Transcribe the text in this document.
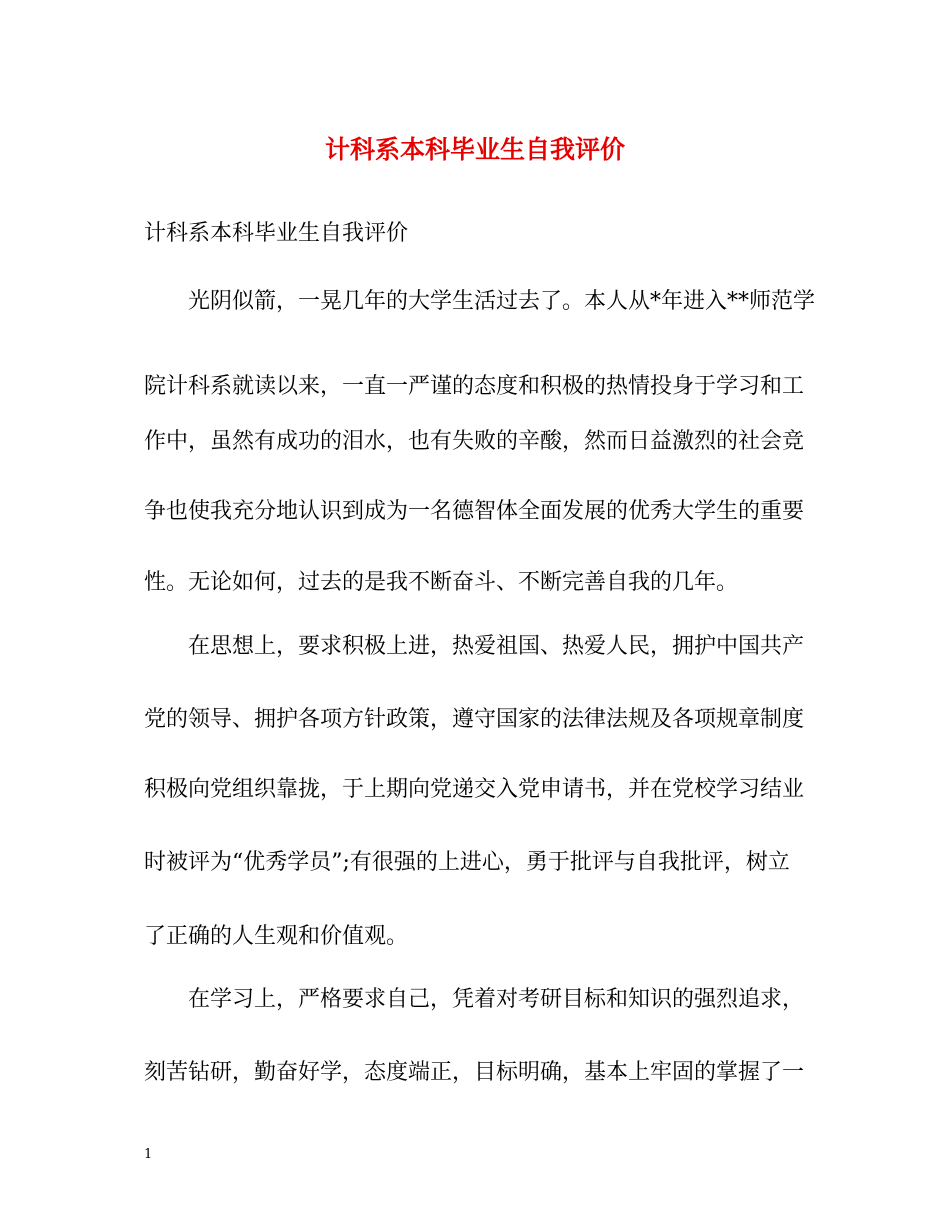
计科系本科毕业生自我评价

计科系本科毕业生自我评价

光阴似箭，一晃几年的大学生活过去了。本人从*年进入**师范学

院计科系就读以来，一直一严谨的态度和积极的热情投身于学习和工

作中，虽然有成功的泪水，也有失败的辛酸，然而日益激烈的社会竞

争也使我充分地认识到成为一名德智体全面发展的优秀大学生的重要

性。无论如何，过去的是我不断奋斗、不断完善自我的几年。

在思想上，要求积极上进，热爱祖国、热爱人民，拥护中国共产

党的领导、拥护各项方针政策，遵守国家的法律法规及各项规章制度

积极向党组织靠拢，于上期向党递交入党申请书，并在党校学习结业

时被评为“优秀学员”;有很强的上进心，勇于批评与自我批评，树立

了正确的人生观和价值观。

在学习上，严格要求自己，凭着对考研目标和知识的强烈追求，

刻苦钻研，勤奋好学，态度端正，目标明确，基本上牢固的掌握了一

1
